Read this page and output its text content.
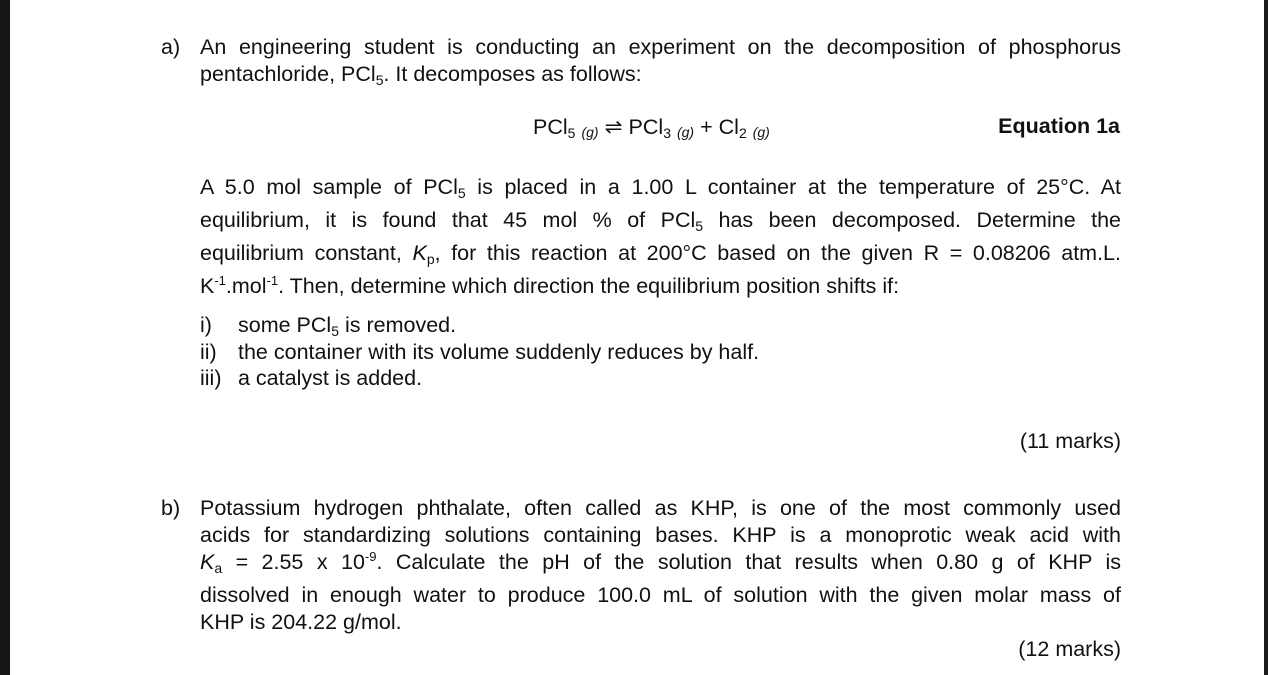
a) An engineering student is conducting an experiment on the decomposition of phosphorus
pentachloride, PCl5. It decomposes as follows:
PCl$_5$ (g) ⇌ PCl$_3$ $(g) + Cl_2$ (g)	Equation 1a
A 5.0 mol sample of PCl5 is placed in a 1.00 L container at the temperature of 25°C. At
equilibrium, it is found that 45 mol % of PCl5 has been decomposed. Determine the
equilibrium constant, Kp, for this reaction at 200°C based on the given R = 0.08206 atm.L.
$K^{-1}.mol^{-1}$. Then, determine which direction the equilibrium position shifts if:
i) some PCl5 is removed.
ii) the container with its volume suddenly reduces by half.
iii) a catalyst is added.
(11 marks)
b) Potassium hydrogen phthalate, often called as KHP, is one of the most commonly used
acids for standardizing solutions containing bases. KHP is a monoprotic weak acid with
Ka = 2.55 x $10^{-9}$. Calculate the pH of the solution that results when 0.80 g of KHP is
dissolved in enough water to produce 100.0 mL of solution with the given molar mass of
KHP is 204.22 g/mol.
(12 marks)
